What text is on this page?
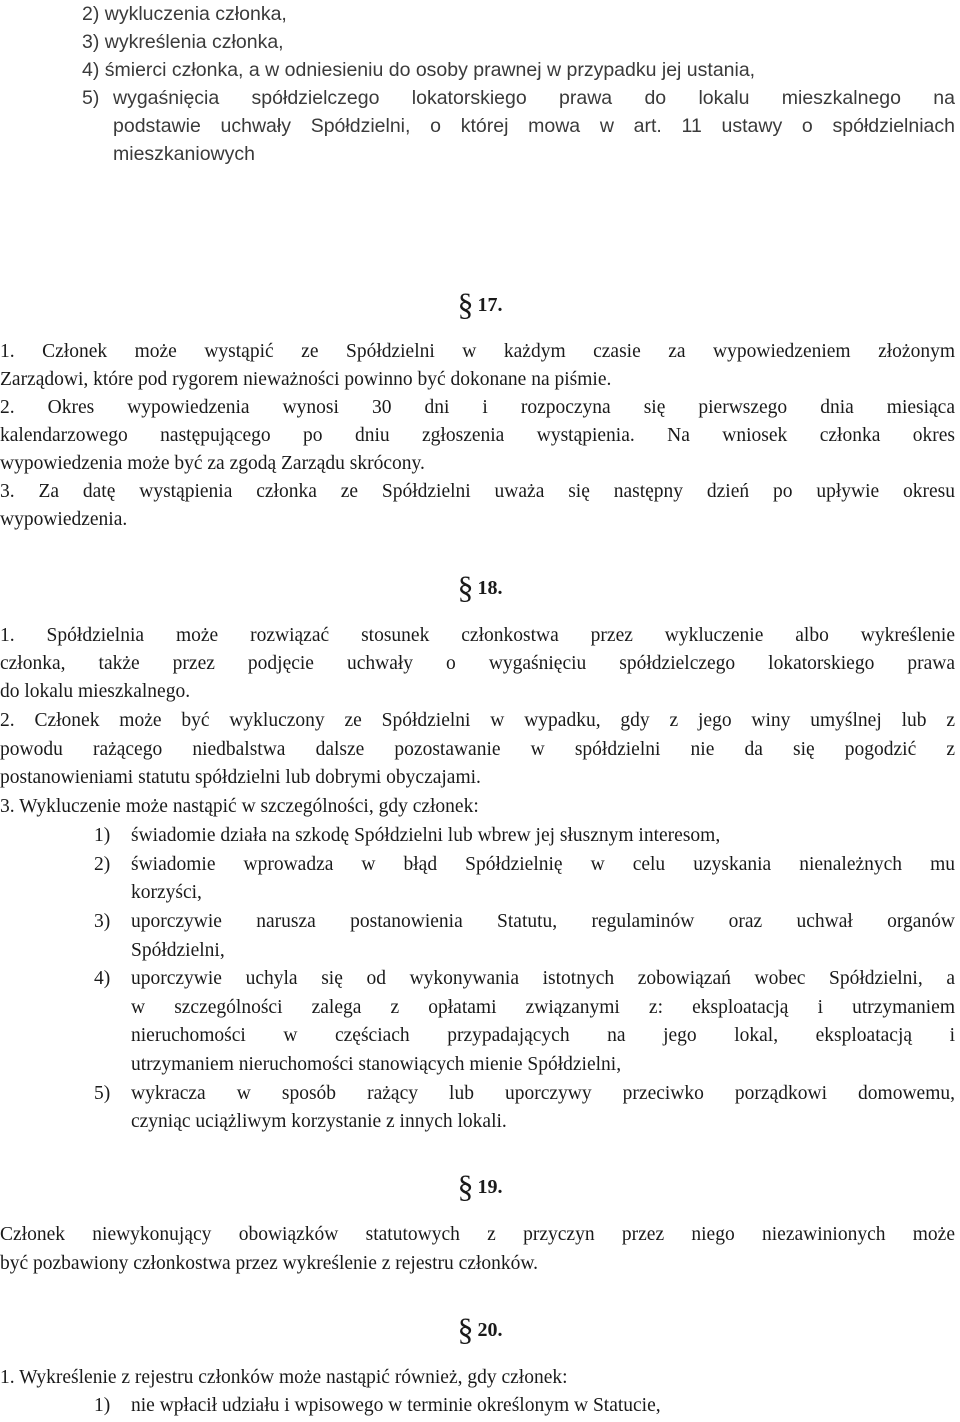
2) wykluczenia członka,
3) wykreślenia członka,
4) śmierci członka, a w odniesieniu do osoby prawnej w przypadku jej ustania,
5) wygaśnięcia spółdzielczego lokatorskiego prawa do lokalu mieszkalnego na
podstawie uchwały Spółdzielni, o której mowa w art. 11 ustawy o spółdzielniach
mieszkaniowych
§ 17.
1. Członek może wystąpić ze Spółdzielni w każdym czasie za wypowiedzeniem złożonym
Zarządowi, które pod rygorem nieważności powinno być dokonane na piśmie.
2. Okres wypowiedzenia wynosi 30 dni i rozpoczyna się pierwszego dnia miesiąca
kalendarzowego następującego po dniu zgłoszenia wystąpienia. Na wniosek członka okres
wypowiedzenia może być za zgodą Zarządu skrócony.
3. Za datę wystąpienia członka ze Spółdzielni uważa się następny dzień po upływie okresu
wypowiedzenia.
§ 18.
1. Spółdzielnia może rozwiązać stosunek członkostwa przez wykluczenie albo wykreślenie
członka, także przez podjęcie uchwały o wygaśnięciu spółdzielczego lokatorskiego prawa
do lokalu mieszkalnego.
2. Członek może być wykluczony ze Spółdzielni w wypadku, gdy z jego winy umyślnej lub z
powodu rażącego niedbalstwa dalsze pozostawanie w spółdzielni nie da się pogodzić z
postanowieniami statutu spółdzielni lub dobrymi obyczajami.
3. Wykluczenie może nastąpić w szczególności, gdy członek:
1) świadomie działa na szkodę Spółdzielni lub wbrew jej słusznym interesom,
2) świadomie wprowadza w błąd Spółdzielnię w celu uzyskania nienależnych mu
korzyści,
3) uporczywie narusza postanowienia Statutu, regulaminów oraz uchwał organów
Spółdzielni,
4) uporczywie uchyla się od wykonywania istotnych zobowiązań wobec Spółdzielni, a
w szczególności zalega z opłatami związanymi z: eksploatacją i utrzymaniem
nieruchomości w częściach przypadających na jego lokal, eksploatacją i
utrzymaniem nieruchomości stanowiących mienie Spółdzielni,
5) wykracza w sposób rażący lub uporczywy przeciwko porządkowi domowemu,
czyniąc uciążliwym korzystanie z innych lokali.
§ 19.
Członek niewykonujący obowiązków statutowych z przyczyn przez niego niezawinionych może
być pozbawiony członkostwa przez wykreślenie z rejestru członków.
§ 20.
1. Wykreślenie z rejestru członków może nastąpić również, gdy członek:
1) nie wpłacił udziału i wpisowego w terminie określonym w Statucie,
